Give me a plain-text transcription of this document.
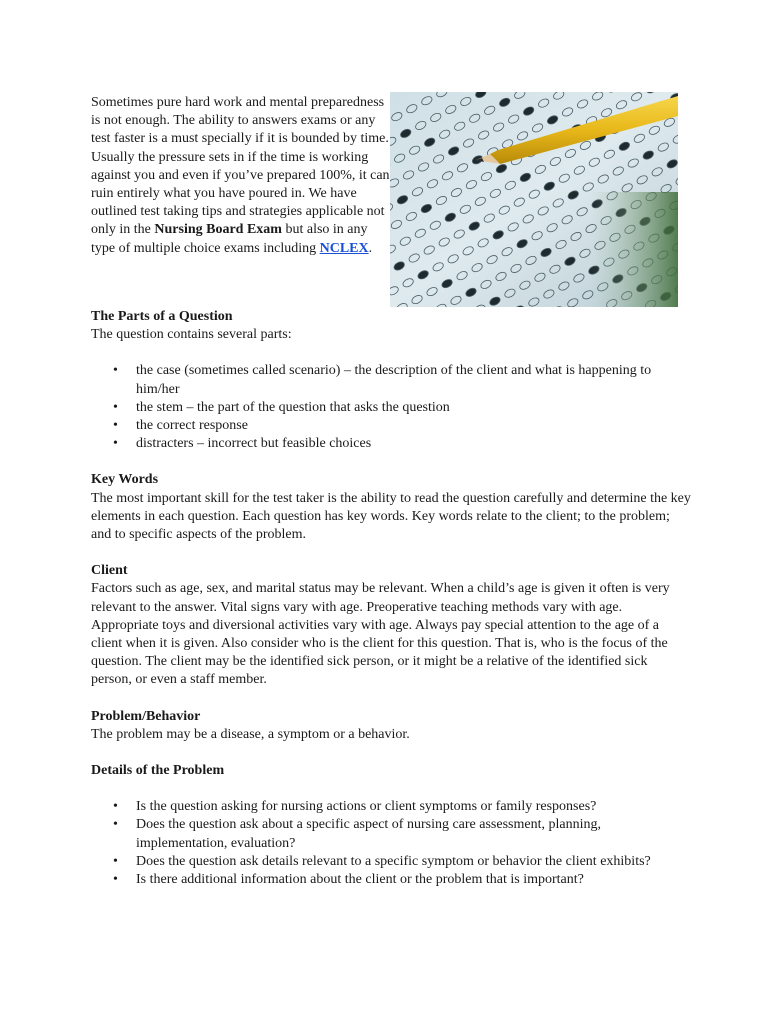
Sometimes pure hard work and mental preparedness is not enough. The ability to answers exams or any test faster is a must specially if it is bounded by time. Usually the pressure sets in if the time is working against you and even if you’ve prepared 100%, it can ruin entirely what you have poured in. We have outlined test taking tips and strategies applicable not only in the Nursing Board Exam but also in any type of multiple choice exams including NCLEX.

The Parts of a Question

The question contains several parts:

• the case (sometimes called scenario) – the description of the client and what is happening to him/her
• the stem – the part of the question that asks the question
• the correct response
• distracters – incorrect but feasible choices
Key Words

The most important skill for the test taker is the ability to read the question carefully and determine the key elements in each question. Each question has key words. Key words relate to the client; to the problem; and to specific aspects of the problem.

Client

Factors such as age, sex, and marital status may be relevant. When a child’s age is given it often is very relevant to the answer. Vital signs vary with age. Preoperative teaching methods vary with age. Appropriate toys and diversional activities vary with age. Always pay special attention to the age of a client when it is given. Also consider who is the client for this question. That is, who is the focus of the question. The client may be the identified sick person, or it might be a relative of the identified sick person, or even a staff member.

Problem/Behavior

The problem may be a disease, a symptom or a behavior.

Details of the Problem
• Is the question asking for nursing actions or client symptoms or family responses?
• Does the question ask about a specific aspect of nursing care assessment, planning, implementation, evaluation?
• Does the question ask details relevant to a specific symptom or behavior the client exhibits?
• Is there additional information about the client or the problem that is important?
